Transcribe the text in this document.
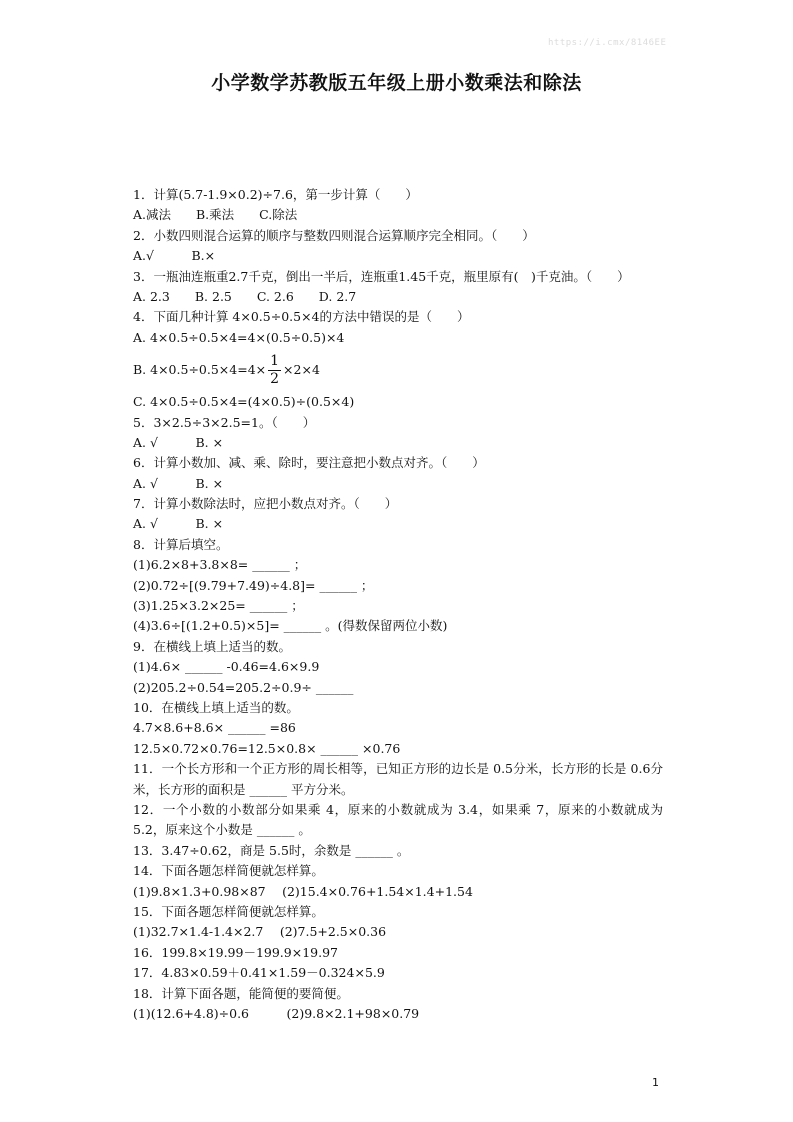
https://i.cmx/8146EE
小学数学苏教版五年级上册小数乘法和除法
1．计算(5.7-1.9×0.2)÷7.6，第一步计算（　　）
A.减法　　B.乘法　　C.除法
2．小数四则混合运算的顺序与整数四则混合运算顺序完全相同。（　　）
A.√　　　B.×
3．一瓶油连瓶重2.7千克，倒出一半后，连瓶重1.45千克，瓶里原有(　)千克油。（　　）
A. 2.3　　B. 2.5　　C. 2.6　　D. 2.7
4．下面几种计算 4×0.5÷0.5×4的方法中错误的是（　　）
A. 4×0.5÷0.5×4=4×(0.5÷0.5)×4
B. $4\times 0.5\div 0.5\times 4=4\times \frac{1}{2} \times 2\times 4$
C. 4×0.5÷0.5×4=(4×0.5)÷(0.5×4)
5．3×2.5÷3×2.5=1。（　　）
A. √　　　B. ×
6．计算小数加、减、乘、除时，要注意把小数点对齐。（　　）
A. √　　　B. ×
7．计算小数除法时，应把小数点对齐。（　　）
A. √　　　B. ×
8．计算后填空。
(1)6.2×8+3.8×8= ______ ；
(2)0.72÷[(9.79+7.49)÷4.8]= ______ ；
(3)1.25×3.2×25= ______ ；
(4)3.6÷[(1.2+0.5)×5]= ______ 。(得数保留两位小数)
9．在横线上填上适当的数。
(1)4.6× ______ -0.46=4.6×9.9
(2)205.2÷0.54=205.2÷0.9÷ ______
10．在横线上填上适当的数。
4.7×8.6+8.6× ______ =86
12.5×0.72×0.76=12.5×0.8× ______ ×0.76
11．一个长方形和一个正方形的周长相等，已知正方形的边长是 0.5分米，长方形的长是 0.6分米，长方形的面积是 ______ 平方分米。
12．一个小数的小数部分如果乘 4，原来的小数就成为 3.4，如果乘 7，原来的小数就成为 5.2，原来这个小数是 ______ 。
13．3.47÷0.62，商是 5.5时，余数是 ______ 。
14．下面各题怎样简便就怎样算。
(1)9.8×1.3+0.98×87　 (2)15.4×0.76+1.54×1.4+1.54
15．下面各题怎样简便就怎样算。
(1)32.7×1.4-1.4×2.7　 (2)7.5+2.5×0.36
16．199.8×19.99－199.9×19.97
17．4.83×0.59＋0.41×1.59－0.324×5.9
18．计算下面各题，能简便的要简便。
(1)(12.6+4.8)÷0.6　　　(2)9.8×2.1+98×0.79
1
